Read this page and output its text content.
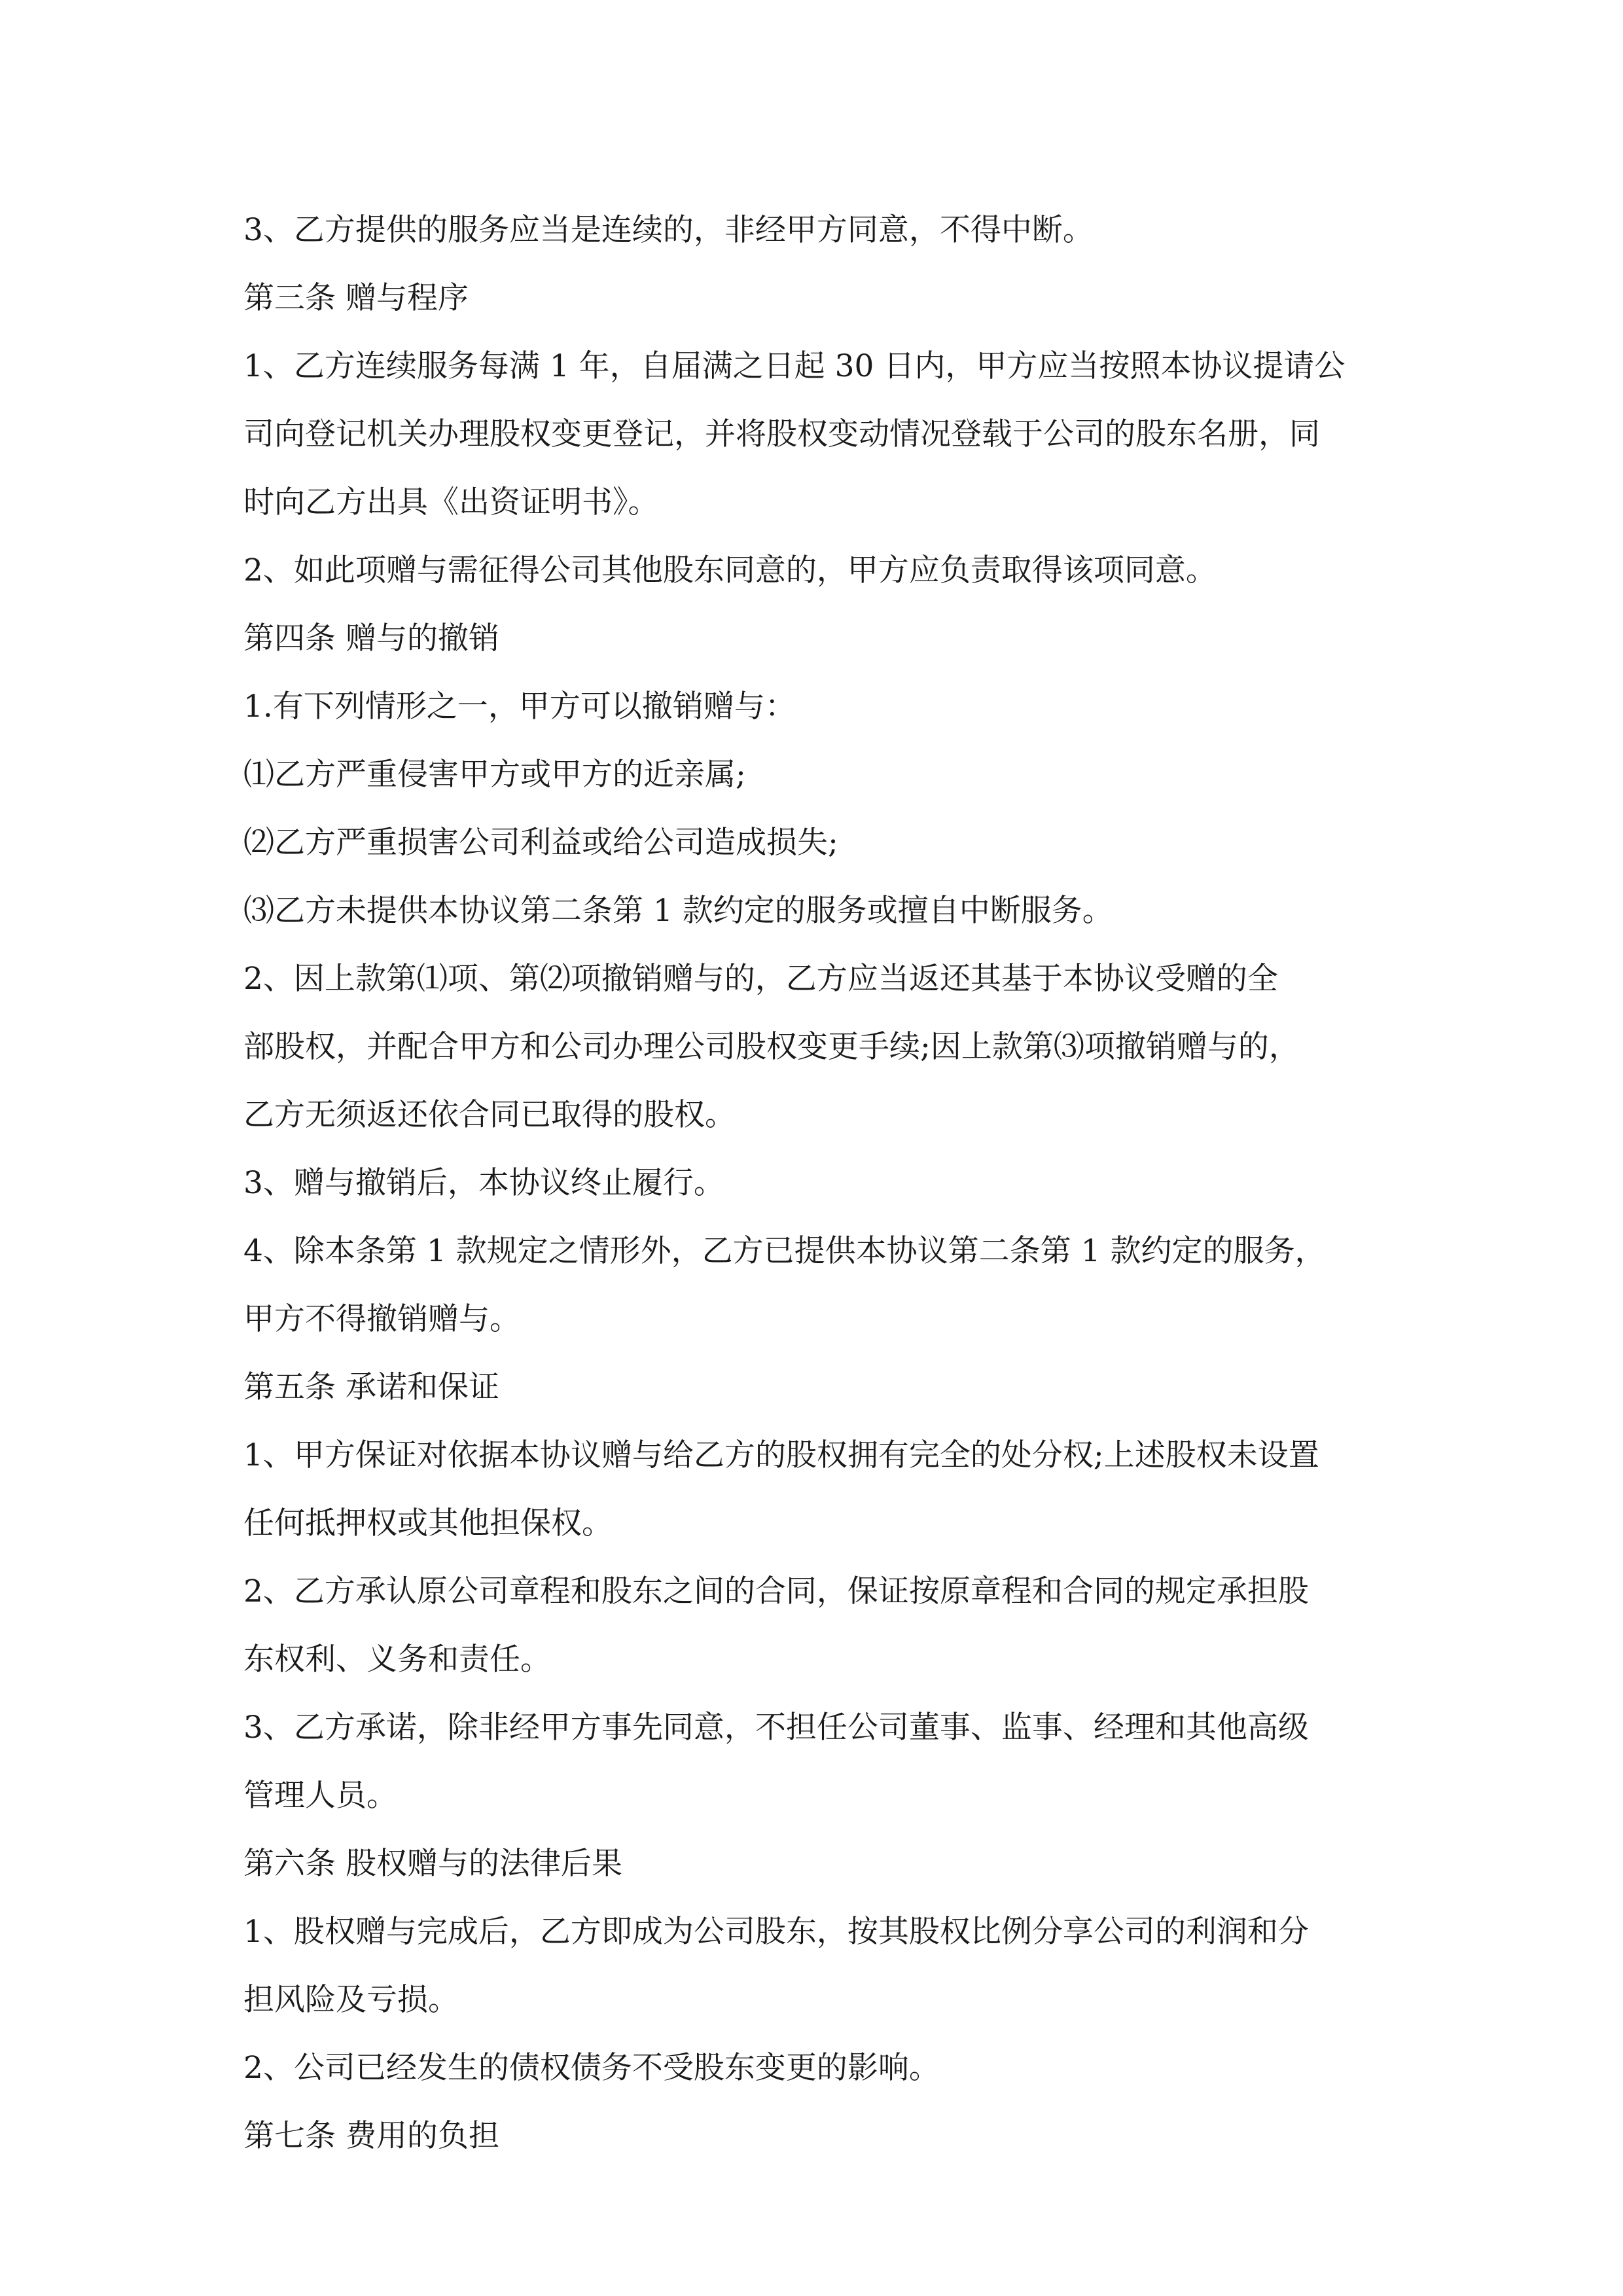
3、乙方提供的服务应当是连续的，非经甲方同意，不得中断。
第三条 赠与程序
1、乙方连续服务每满 1 年，自届满之日起 30 日内，甲方应当按照本协议提请公
司向登记机关办理股权变更登记，并将股权变动情况登载于公司的股东名册，同
时向乙方出具《出资证明书》。
2、如此项赠与需征得公司其他股东同意的，甲方应负责取得该项同意。
第四条 赠与的撤销
1.有下列情形之一，甲方可以撤销赠与：
⑴乙方严重侵害甲方或甲方的近亲属;
⑵乙方严重损害公司利益或给公司造成损失;
⑶乙方未提供本协议第二条第 1 款约定的服务或擅自中断服务。
2、因上款第⑴项、第⑵项撤销赠与的，乙方应当返还其基于本协议受赠的全
部股权，并配合甲方和公司办理公司股权变更手续;因上款第⑶项撤销赠与的，
乙方无须返还依合同已取得的股权。
3、赠与撤销后，本协议终止履行。
4、除本条第 1 款规定之情形外，乙方已提供本协议第二条第 1 款约定的服务，
甲方不得撤销赠与。
第五条 承诺和保证
1、甲方保证对依据本协议赠与给乙方的股权拥有完全的处分权;上述股权未设置
任何抵押权或其他担保权。
2、乙方承认原公司章程和股东之间的合同，保证按原章程和合同的规定承担股
东权利、义务和责任。
3、乙方承诺，除非经甲方事先同意，不担任公司董事、监事、经理和其他高级
管理人员。
第六条 股权赠与的法律后果
1、股权赠与完成后，乙方即成为公司股东，按其股权比例分享公司的利润和分
担风险及亏损。
2、公司已经发生的债权债务不受股东变更的影响。
第七条 费用的负担
